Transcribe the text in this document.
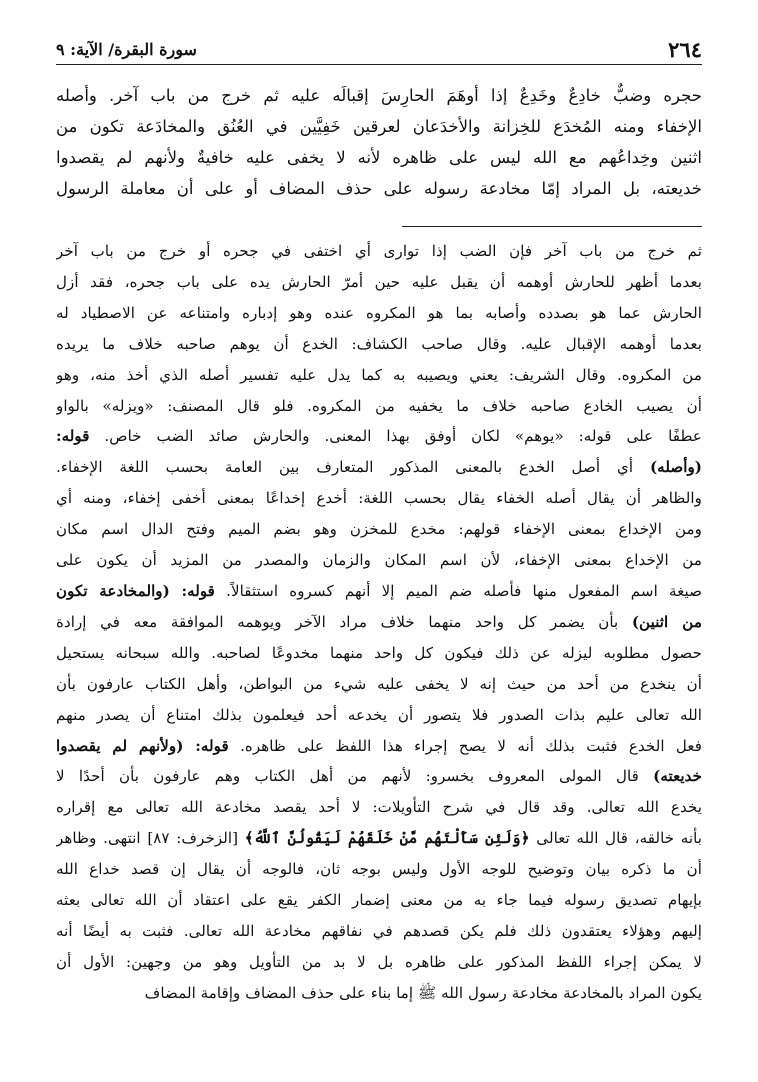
٢٦٤
سورة البقرة/ الآية: ٩

حجره وضبٌّ خادِعٌ وخَدِعٌ إذا أوهَمَ الحارِسَ إقبالَه عليه ثم خرج من باب آخر. وأصله

الإخفاء ومنه المُخدَع للخِزانة والأخدَعان لعرقين خَفِيَّين في العُنُق والمخادَعة تكون من

اثنين وخِداعُهم مع الله ليس على ظاهره لأنه لا يخفى عليه خافيةٌ ولأنهم لم يقصدوا

خديعته، بل المراد إمّا مخادعة رسوله على حذف المضاف أو على أن معاملة الرسول

ثم خرج من باب آخر فإن الضب إذا توارى أي اختفى في جحره أو خرج من باب آخر

بعدما أظهر للحارش أوهمه أن يقبل عليه حين أمرّ الحارش يده على باب جحره، فقد أزل

الحارش عما هو بصدده وأصابه بما هو المكروه عنده وهو إدباره وامتناعه عن الاصطياد له

بعدما أوهمه الإقبال عليه. وقال صاحب الكشاف: الخدع أن يوهم صاحبه خلاف ما يريده

من المكروه. وقال الشريف: يعني ويصيبه به كما يدل عليه تفسير أصله الذي أخذ منه، وهو

أن يصيب الخادع صاحبه خلاف ما يخفيه من المكروه. فلو قال المصنف: «ويزله» بالواو

عطفًا على قوله: «يوهم» لكان أوفق بهذا المعنى. والحارش صائد الضب خاص. قوله:

(وأصله) أي أصل الخدع بالمعنى المذكور المتعارف بين العامة بحسب اللغة الإخفاء.

والظاهر أن يقال أصله الخفاء يقال بحسب اللغة: أخدع إخداعًا بمعنى أخفى إخفاء، ومنه أي

ومن الإخداع بمعنى الإخفاء قولهم: مخدع للمخزن وهو بضم الميم وفتح الدال اسم مكان

من الإخداع بمعنى الإخفاء، لأن اسم المكان والزمان والمصدر من المزيد أن يكون على

صيغة اسم المفعول منها فأصله ضم الميم إلا أنهم كسروه استثقالاً. قوله: (والمخادعة تكون

من اثنين) بأن يضمر كل واحد منهما خلاف مراد الآخر ويوهمه الموافقة معه في إرادة

حصول مطلوبه ليزله عن ذلك فيكون كل واحد منهما مخدوعًا لصاحبه. والله سبحانه يستحيل

أن ينخدع من أحد من حيث إنه لا يخفى عليه شيء من البواطن، وأهل الكتاب عارفون بأن

الله تعالى عليم بذات الصدور فلا يتصور أن يخدعه أحد فيعلمون بذلك امتناع أن يصدر منهم

فعل الخدع فثبت بذلك أنه لا يصح إجراء هذا اللفظ على ظاهره. قوله: (ولأنهم لم يقصدوا

خديعته) قال المولى المعروف بخسرو: لأنهم من أهل الكتاب وهم عارفون بأن أحدًا لا

يخدع الله تعالى. وقد قال في شرح التأويلات: لا أحد يقصد مخادعة الله تعالى مع إقراره

بأنه خالقه، قال الله تعالى ﴿وَلَئِن سَأَلْتَهُم مَّنْ خَلَقَهُمْ لَيَقُولُنَّ ٱللَّهُ﴾ [الزخرف: ٨٧] انتهى. وظاهر

أن ما ذكره بيان وتوضيح للوجه الأول وليس بوجه ثان، فالوجه أن يقال إن قصد خداع الله

بإيهام تصديق رسوله فيما جاء به من معنى إضمار الكفر يقع على اعتقاد أن الله تعالى بعثه

إليهم وهؤلاء يعتقدون ذلك فلم يكن قصدهم في نفاقهم مخادعة الله تعالى. فثبت به أيضًا أنه

لا يمكن إجراء اللفظ المذكور على ظاهره بل لا بد من التأويل وهو من وجهين: الأول أن

يكون المراد بالمخادعة مخادعة رسول الله ﷺ إما بناء على حذف المضاف وإقامة المضاف
